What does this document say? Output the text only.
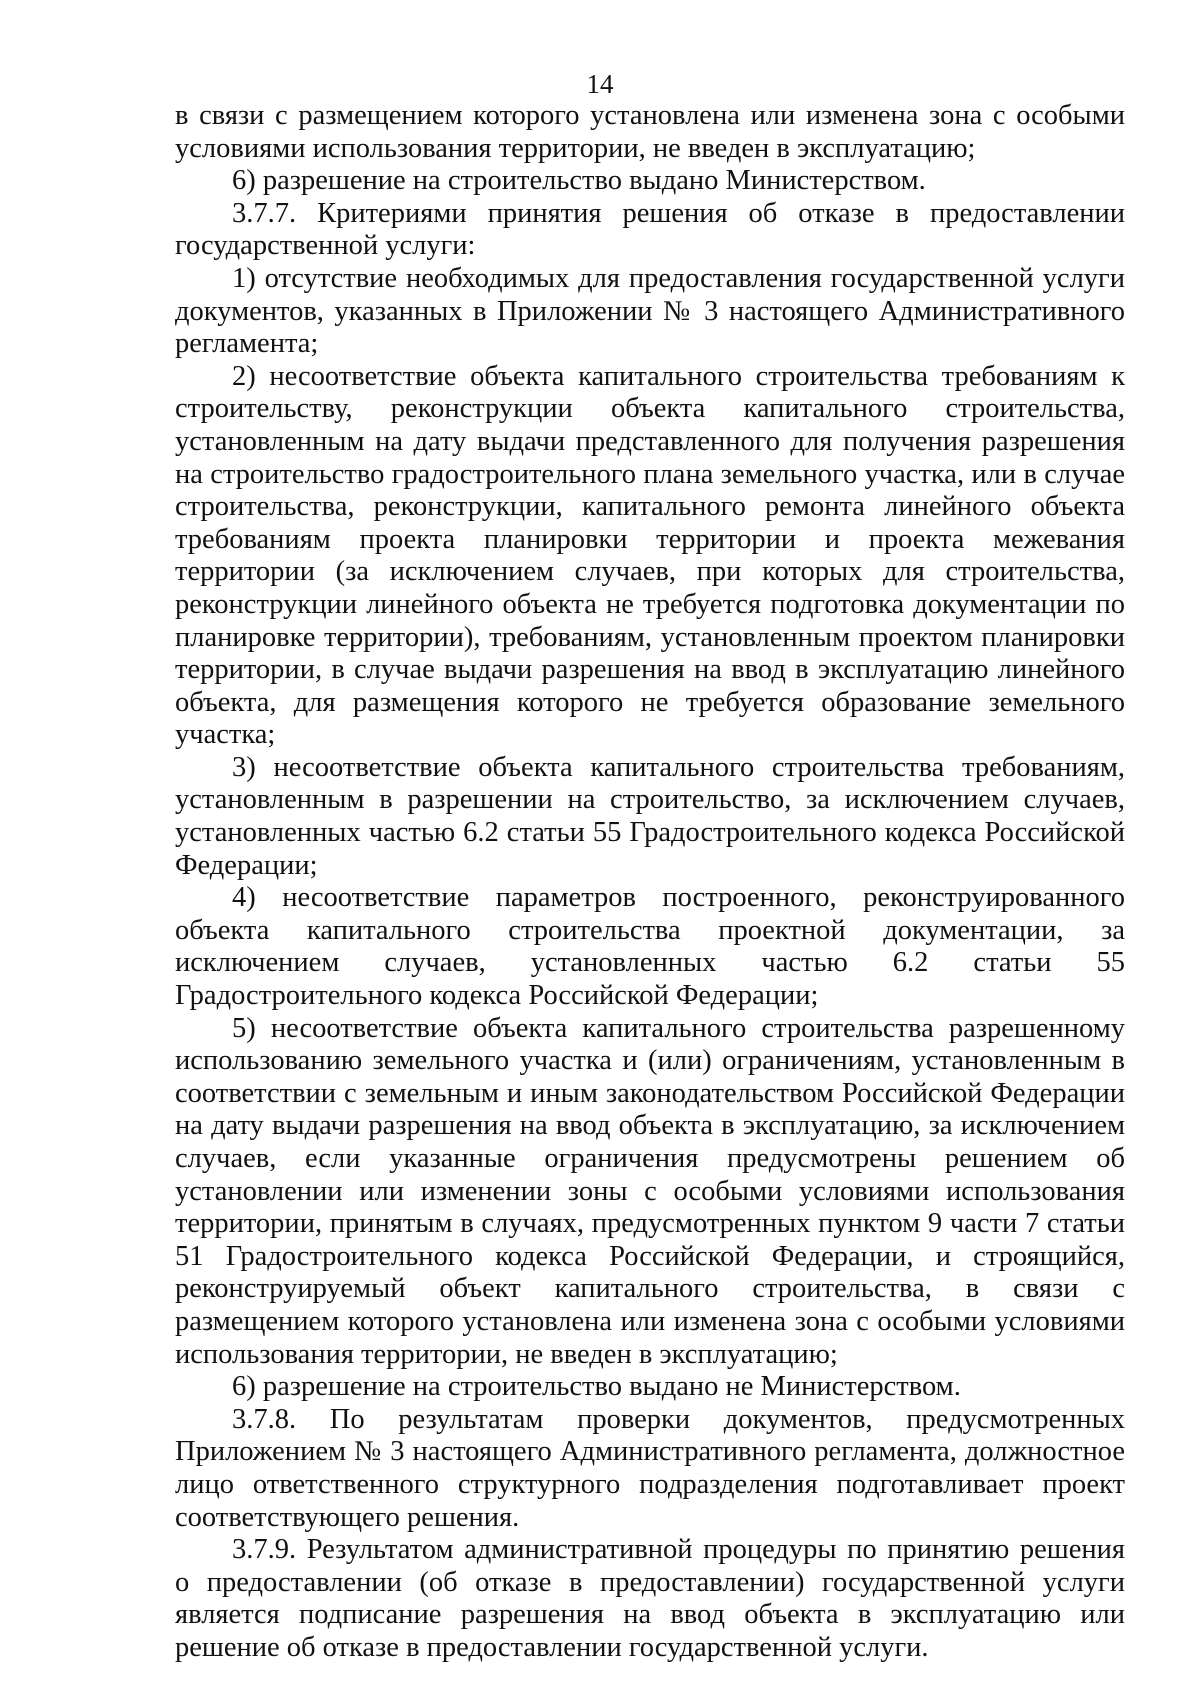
14

в связи с размещением которого установлена или изменена зона с особыми условиями использования территории, не введен в эксплуатацию;

6) разрешение на строительство выдано Министерством.

3.7.7. Критериями принятия решения об отказе в предоставлении государственной услуги:

1) отсутствие необходимых для предоставления государственной услуги документов, указанных в Приложении № 3 настоящего Административного регламента;

2) несоответствие объекта капитального строительства требованиям к строительству, реконструкции объекта капитального строительства, установленным на дату выдачи представленного для получения разрешения на строительство градостроительного плана земельного участка, или в случае строительства, реконструкции, капитального ремонта линейного объекта требованиям проекта планировки территории и проекта межевания территории (за исключением случаев, при которых для строительства, реконструкции линейного объекта не требуется подготовка документации по планировке территории), требованиям, установленным проектом планировки территории, в случае выдачи разрешения на ввод в эксплуатацию линейного объекта, для размещения которого не требуется образование земельного участка;

3) несоответствие объекта капитального строительства требованиям, установленным в разрешении на строительство, за исключением случаев, установленных частью 6.2 статьи 55 Градостроительного кодекса Российской Федерации;

4) несоответствие параметров построенного, реконструированного объекта капитального строительства проектной документации, за исключением случаев, установленных частью 6.2 статьи 55 Градостроительного кодекса Российской Федерации;

5) несоответствие объекта капитального строительства разрешенному использованию земельного участка и (или) ограничениям, установленным в соответствии с земельным и иным законодательством Российской Федерации на дату выдачи разрешения на ввод объекта в эксплуатацию, за исключением случаев, если указанные ограничения предусмотрены решением об установлении или изменении зоны с особыми условиями использования территории, принятым в случаях, предусмотренных пунктом 9 части 7 статьи 51 Градостроительного кодекса Российской Федерации, и строящийся, реконструируемый объект капитального строительства, в связи с размещением которого установлена или изменена зона с особыми условиями использования территории, не введен в эксплуатацию;

6) разрешение на строительство выдано не Министерством.

3.7.8. По результатам проверки документов, предусмотренных Приложением № 3 настоящего Административного регламента, должностное лицо ответственного структурного подразделения подготавливает проект соответствующего решения.

3.7.9. Результатом административной процедуры по принятию решения о предоставлении (об отказе в предоставлении) государственной услуги является подписание разрешения на ввод объекта в эксплуатацию или решение об отказе в предоставлении государственной услуги.
